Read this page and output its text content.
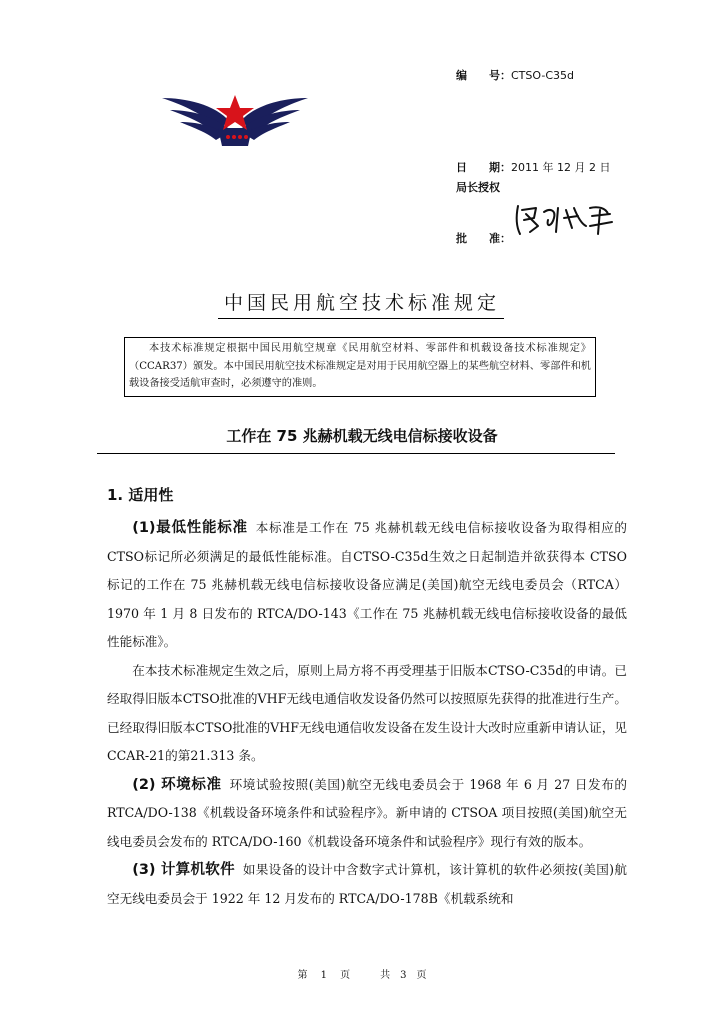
编　　号：CTSO-C35d
日　　期：2011 年 12 月 2 日
局长授权
批　　准：
中国民用航空技术标准规定

本技术标准规定根据中国民用航空规章《民用航空材料、零部件和机载设备技术标准规定》（CCAR37）颁发。本中国民用航空技术标准规定是对用于民用航空器上的某些航空材料、零部件和机载设备接受适航审查时，必须遵守的准则。

工作在 75 兆赫机载无线电信标接收设备
1. 适用性

(1)最低性能标准 本标准是工作在 75 兆赫机载无线电信标接收设备为取得相应的CTSO标记所必须满足的最低性能标准。自CTSO-C35d生效之日起制造并欲获得本 CTSO 标记的工作在 75 兆赫机载无线电信标接收设备应满足(美国)航空无线电委员会（RTCA）1970 年 1 月 8 日发布的 RTCA/DO-143《工作在 75 兆赫机载无线电信标接收设备的最低性能标准》。

在本技术标准规定生效之后，原则上局方将不再受理基于旧版本CTSO-C35d的申请。已经取得旧版本CTSO批准的VHF无线电通信收发设备仍然可以按照原先获得的批准进行生产。已经取得旧版本CTSO批准的VHF无线电通信收发设备在发生设计大改时应重新申请认证，见CCAR-21的第21.313 条。

(2) 环境标准 环境试验按照(美国)航空无线电委员会于 1968 年 6 月 27 日发布的 RTCA/DO-138《机载设备环境条件和试验程序》。新申请的 CTSOA 项目按照(美国)航空无线电委员会发布的 RTCA/DO-160《机载设备环境条件和试验程序》现行有效的版本。

(3) 计算机软件 如果设备的设计中含数字式计算机，该计算机的软件必须按(美国)航空无线电委员会于 1922 年 12 月发布的 RTCA/DO-178B《机载系统和

第　 1　 页　　　共　3　页
